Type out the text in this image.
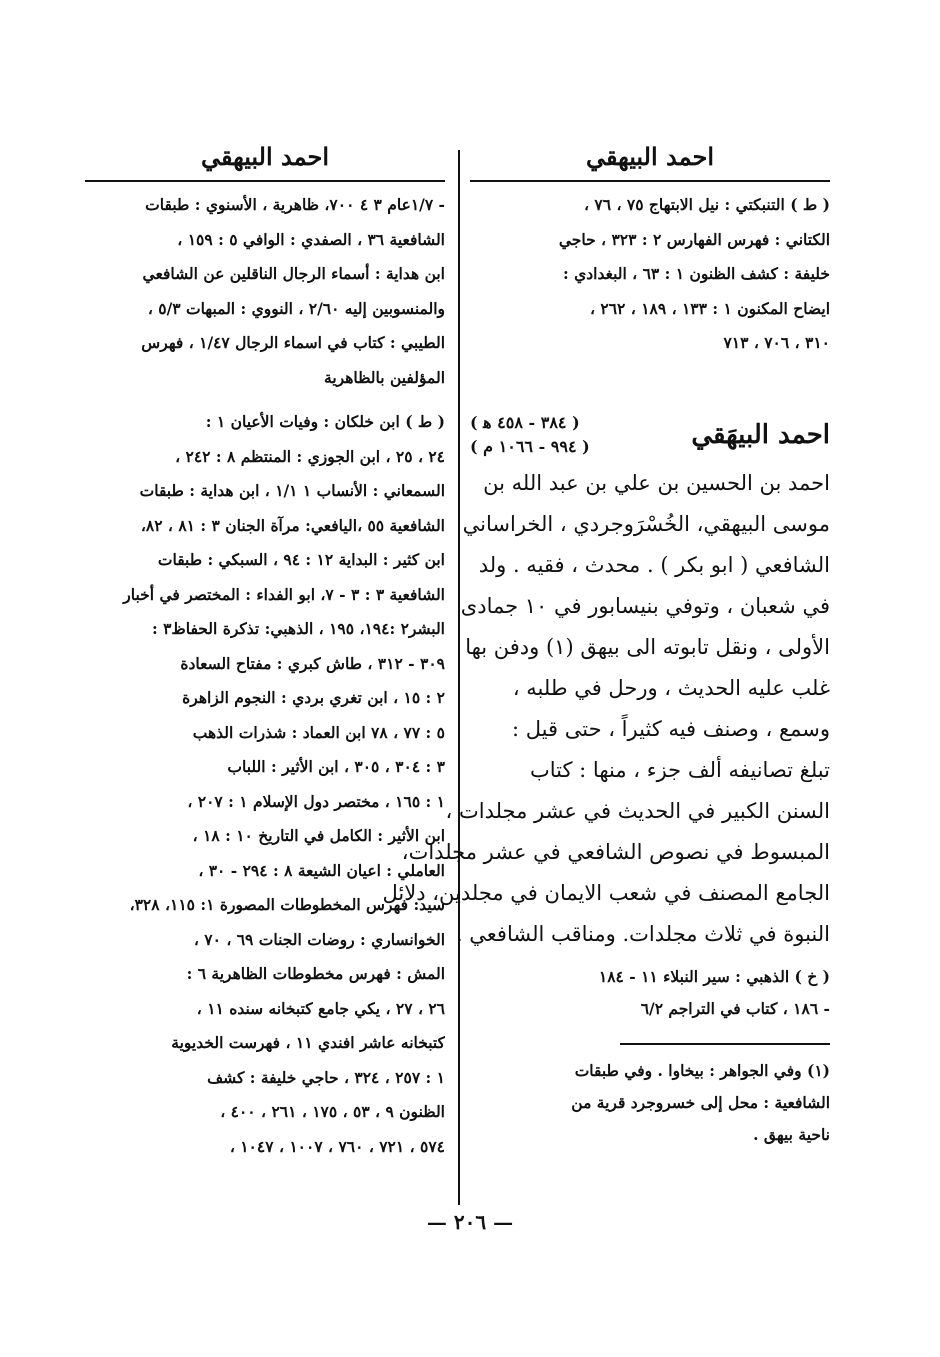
احمد البيهقي
( ط ) التنبكتي : نيل الابتهاج ٧٥ ، ٧٦ ،
الكتاني : فهرس الفهارس ٢ : ٣٢٣ ، حاجي
خليفة : كشف الظنون ١ : ٦٣ ، البغدادي :
ايضاح المكنون ١ : ١٣٣ ، ١٨٩ ، ٢٦٢ ،
٣١٠ ، ٧٠٦ ، ٧١٣
احمد البيهَقي
( ٣٨٤ - ٤٥٨ ﻫ )
( ٩٩٤ - ١٠٦٦ م )
احمد بن الحسين بن علي بن عبد الله بن
موسى البيهقي، الخُسْرَوجردي ، الخراساني
الشافعي ( ابو بكر ) . محدث ، فقيه . ولد
في شعبان ، وتوفي بنيسابور في ١٠ جمادى
الأولى ، ونقل تابوته الى بيهق (١) ودفن بها
غلب عليه الحديث ، ورحل في طلبه ،
وسمع ، وصنف فيه كثيراً ، حتى قيل :
تبلغ تصانيفه ألف جزء ، منها : كتاب
السنن الكبير في الحديث في عشر مجلدات ،
المبسوط في نصوص الشافعي في عشر مجلدات،
الجامع المصنف في شعب الايمان في مجلدين، دلائل
النبوة في ثلاث مجلدات. ومناقب الشافعي .
( خ ) الذهبي : سير النبلاء ١١ - ١٨٤
- ١٨٦ ، كتاب في التراجم ٦/٢
(١) وفي الجواهر : بيخاوا . وفي طبقات
الشافعية : محل إلى خسروجرد قرية من
ناحية بيهق .
احمد البيهقي
- ١/٧عام ٣ ٤ ٧٠٠، ظاهرية ، الأسنوي : طبقات
الشافعية ٣٦ ، الصفدي : الوافي ٥ : ١٥٩ ،
ابن هداية : أسماء الرجال الناقلين عن الشافعي
والمنسوبين إليه ٢/٦٠ ، النووي : المبهات ٥/٣ ،
الطيبي : كتاب في اسماء الرجال ١/٤٧ ، فهرس
المؤلفين بالظاهرية
( ط ) ابن خلكان : وفيات الأعيان ١ :
٢٤ ، ٢٥ ، ابن الجوزي : المنتظم ٨ : ٢٤٢ ،
السمعاني : الأنساب ١ ١/١ ، ابن هداية : طبقات
الشافعية ٥٥ ،اليافعي: مرآة الجنان ٣ : ٨١ ، ٨٢،
ابن كثير : البداية ١٢ : ٩٤ ، السبكي : طبقات
الشافعية ٣ : ٣ - ٧، ابو الفداء : المختصر في أخبار
البشر٢ :١٩٤، ١٩٥ ، الذهبي: تذكرة الحفاظ٣ :
٣٠٩ - ٣١٢ ، طاش كبري : مفتاح السعادة
٢ : ١٥ ، ابن تغري بردي : النجوم الزاهرة
٥ : ٧٧ ، ٧٨ ابن العماد : شذرات الذهب
٣ : ٣٠٤ ، ٣٠٥ ، ابن الأثير : اللباب
١ : ١٦٥ ، مختصر دول الإسلام ١ : ٢٠٧ ،
ابن الأثير : الكامل في التاريخ ١٠ : ١٨ ،
العاملي : اعيان الشيعة ٨ : ٢٩٤ - ٣٠ ،
سيد: فهرس المخطوطات المصورة ١: ١١٥، ٣٢٨،
الخوانساري : روضات الجنات ٦٩ ، ٧٠ ،
المش : فهرس مخطوطات الظاهرية ٦ :
٢٦ ، ٢٧ ، يكي جامع كتبخانه سنده ١١ ،
كتبخانه عاشر افندي ١١ ، فهرست الخديوية
١ : ٢٥٧ ، ٣٢٤ ، حاجي خليفة : كشف
الظنون ٩ ، ٥٣ ، ١٧٥ ، ٢٦١ ، ٤٠٠ ،
٥٧٤ ، ٧٢١ ، ٧٦٠ ، ١٠٠٧ ، ١٠٤٧ ،
— ٢٠٦ —
